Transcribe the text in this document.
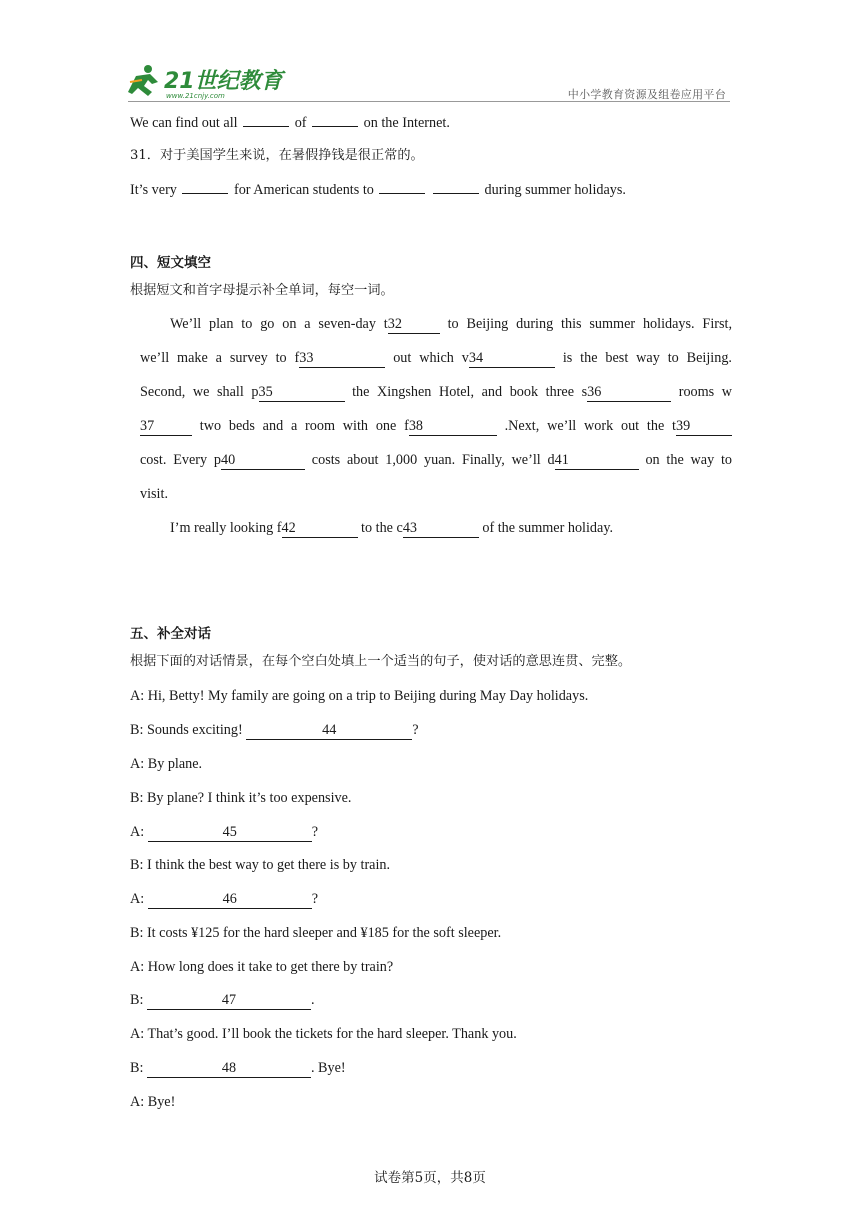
21世纪教育
www.21cnjy.com	中小学教育资源及组卷应用平台
We can find out all	of	on the Internet.
31．对于美国学生来说，在暑假挣钱是很正常的。
It’s very	for American students to	during summer holidays.
四、短文填空
根据短文和首字母提示补全单词，每空一词。
We’ll plan to go on a seven-day t32	to Beijing during this summer holidays. First,
we’ll make a survey to f33	out which v34	is the best way to Beijing.
Second, we shall p35	the Xingshen Hotel, and book three s36	rooms w
37	two beds and a room with one f38	.Next, we’ll work out the t39
cost. Every p40	costs about 1,000 yuan. Finally, we’ll d41	on the way to
visit.
I’m really looking f42	to the c43	of the summer holiday.
五、补全对话
根据下面的对话情景，在每个空白处填上一个适当的句子，使对话的意思连贯、完整。
A: Hi, Betty! My family are going on a trip to Beijing during May Day holidays.
B: Sounds exciting!	44	?
A: By plane.
B: By plane? I think it’s too expensive.
A:	45	?
B: I think the best way to get there is by train.
A:	46	?
B: It costs ¥125 for the hard sleeper and ¥185 for the soft sleeper.
A: How long does it take to get there by train?
B:	47	.
A: That’s good. I’ll book the tickets for the hard sleeper. Thank you.
B:	48	. Bye!
A: Bye!
试卷第5页，共8页
